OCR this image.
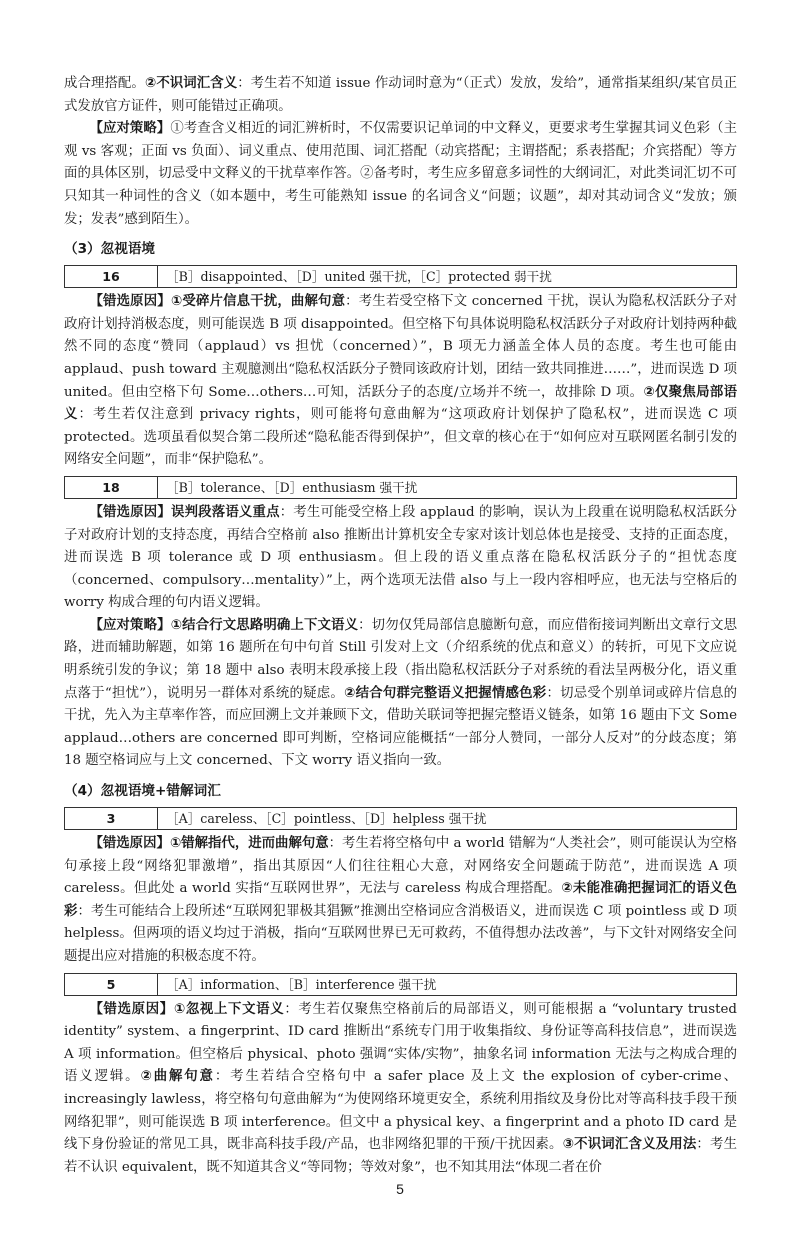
成合理搭配。②不识词汇含义：考生若不知道 issue 作动词时意为“（正式）发放，发给”，通常指某组织/某官员正式发放官方证件，则可能错过正确项。

【应对策略】①考查含义相近的词汇辨析时，不仅需要识记单词的中文释义，更要求考生掌握其词义色彩（主观 vs 客观；正面 vs 负面）、词义重点、使用范围、词汇搭配（动宾搭配；主谓搭配；系表搭配；介宾搭配）等方面的具体区别，切忌受中文释义的干扰草率作答。②备考时，考生应多留意多词性的大纲词汇，对此类词汇切不可只知其一种词性的含义（如本题中，考生可能熟知 issue 的名词含义“问题；议题”，却对其动词含义“发放；颁发；发表”感到陌生）。

（3）忽视语境
16	［B］disappointed、［D］united 强干扰，［C］protected 弱干扰

【错选原因】①受碎片信息干扰，曲解句意：考生若受空格下文 concerned 干扰，误认为隐私权活跃分子对政府计划持消极态度，则可能误选 B 项 disappointed。但空格下句具体说明隐私权活跃分子对政府计划持两种截然不同的态度“赞同（applaud）vs 担忧（concerned）”，B 项无力涵盖全体人员的态度。考生也可能由 applaud、push toward 主观臆测出“隐私权活跃分子赞同该政府计划，团结一致共同推进……”，进而误选 D 项 united。但由空格下句 Some…others…可知，活跃分子的态度/立场并不统一，故排除 D 项。②仅聚焦局部语义：考生若仅注意到 privacy rights，则可能将句意曲解为“这项政府计划保护了隐私权”，进而误选 C 项 protected。选项虽看似契合第二段所述“隐私能否得到保护”，但文章的核心在于“如何应对互联网匿名制引发的网络安全问题”，而非“保护隐私”。

18	［B］tolerance、［D］enthusiasm 强干扰

【错选原因】误判段落语义重点：考生可能受空格上段 applaud 的影响，误认为上段重在说明隐私权活跃分子对政府计划的支持态度，再结合空格前 also 推断出计算机安全专家对该计划总体也是接受、支持的正面态度，进而误选 B 项 tolerance 或 D 项 enthusiasm。但上段的语义重点落在隐私权活跃分子的“担忧态度（concerned、compulsory…mentality）”上，两个选项无法借 also 与上一段内容相呼应，也无法与空格后的 worry 构成合理的句内语义逻辑。

【应对策略】①结合行文思路明确上下文语义：切勿仅凭局部信息臆断句意，而应借衔接词判断出文章行文思路，进而辅助解题，如第 16 题所在句中句首 Still 引发对上文（介绍系统的优点和意义）的转折，可见下文应说明系统引发的争议；第 18 题中 also 表明末段承接上段（指出隐私权活跃分子对系统的看法呈两极分化，语义重点落于“担忧”），说明另一群体对系统的疑虑。②结合句群完整语义把握情感色彩：切忌受个别单词或碎片信息的干扰，先入为主草率作答，而应回溯上文并兼顾下文，借助关联词等把握完整语义链条，如第 16 题由下文 Some applaud…others are concerned 即可判断，空格词应能概括“一部分人赞同，一部分人反对”的分歧态度；第 18 题空格词应与上文 concerned、下文 worry 语义指向一致。

（4）忽视语境+错解词汇
3	［A］careless、［C］pointless、［D］helpless 强干扰

【错选原因】①错解指代，进而曲解句意：考生若将空格句中 a world 错解为“人类社会”，则可能误认为空格句承接上段“网络犯罪激增”，指出其原因“人们往往粗心大意，对网络安全问题疏于防范”，进而误选 A 项 careless。但此处 a world 实指“互联网世界”，无法与 careless 构成合理搭配。②未能准确把握词汇的语义色彩：考生可能结合上段所述“互联网犯罪极其猖獗”推测出空格词应含消极语义，进而误选 C 项 pointless 或 D 项 helpless。但两项的语义均过于消极，指向“互联网世界已无可救药，不值得想办法改善”，与下文针对网络安全问题提出应对措施的积极态度不符。

5	［A］information、［B］interference 强干扰

【错选原因】①忽视上下文语义：考生若仅聚焦空格前后的局部语义，则可能根据 a “voluntary trusted identity” system、a fingerprint、ID card 推断出“系统专门用于收集指纹、身份证等高科技信息”，进而误选 A 项 information。但空格后 physical、photo 强调“实体/实物”，抽象名词 information 无法与之构成合理的语义逻辑。②曲解句意：考生若结合空格句中 a safer place 及上文 the explosion of cyber-crime、increasingly lawless，将空格句句意曲解为“为使网络环境更安全，系统利用指纹及身份比对等高科技手段干预网络犯罪”，则可能误选 B 项 interference。但文中 a physical key、a fingerprint and a photo ID card 是线下身份验证的常见工具，既非高科技手段/产品，也非网络犯罪的干预/干扰因素。③不识词汇含义及用法：考生若不认识 equivalent，既不知道其含义“等同物；等效对象”，也不知其用法“体现二者在价

5
